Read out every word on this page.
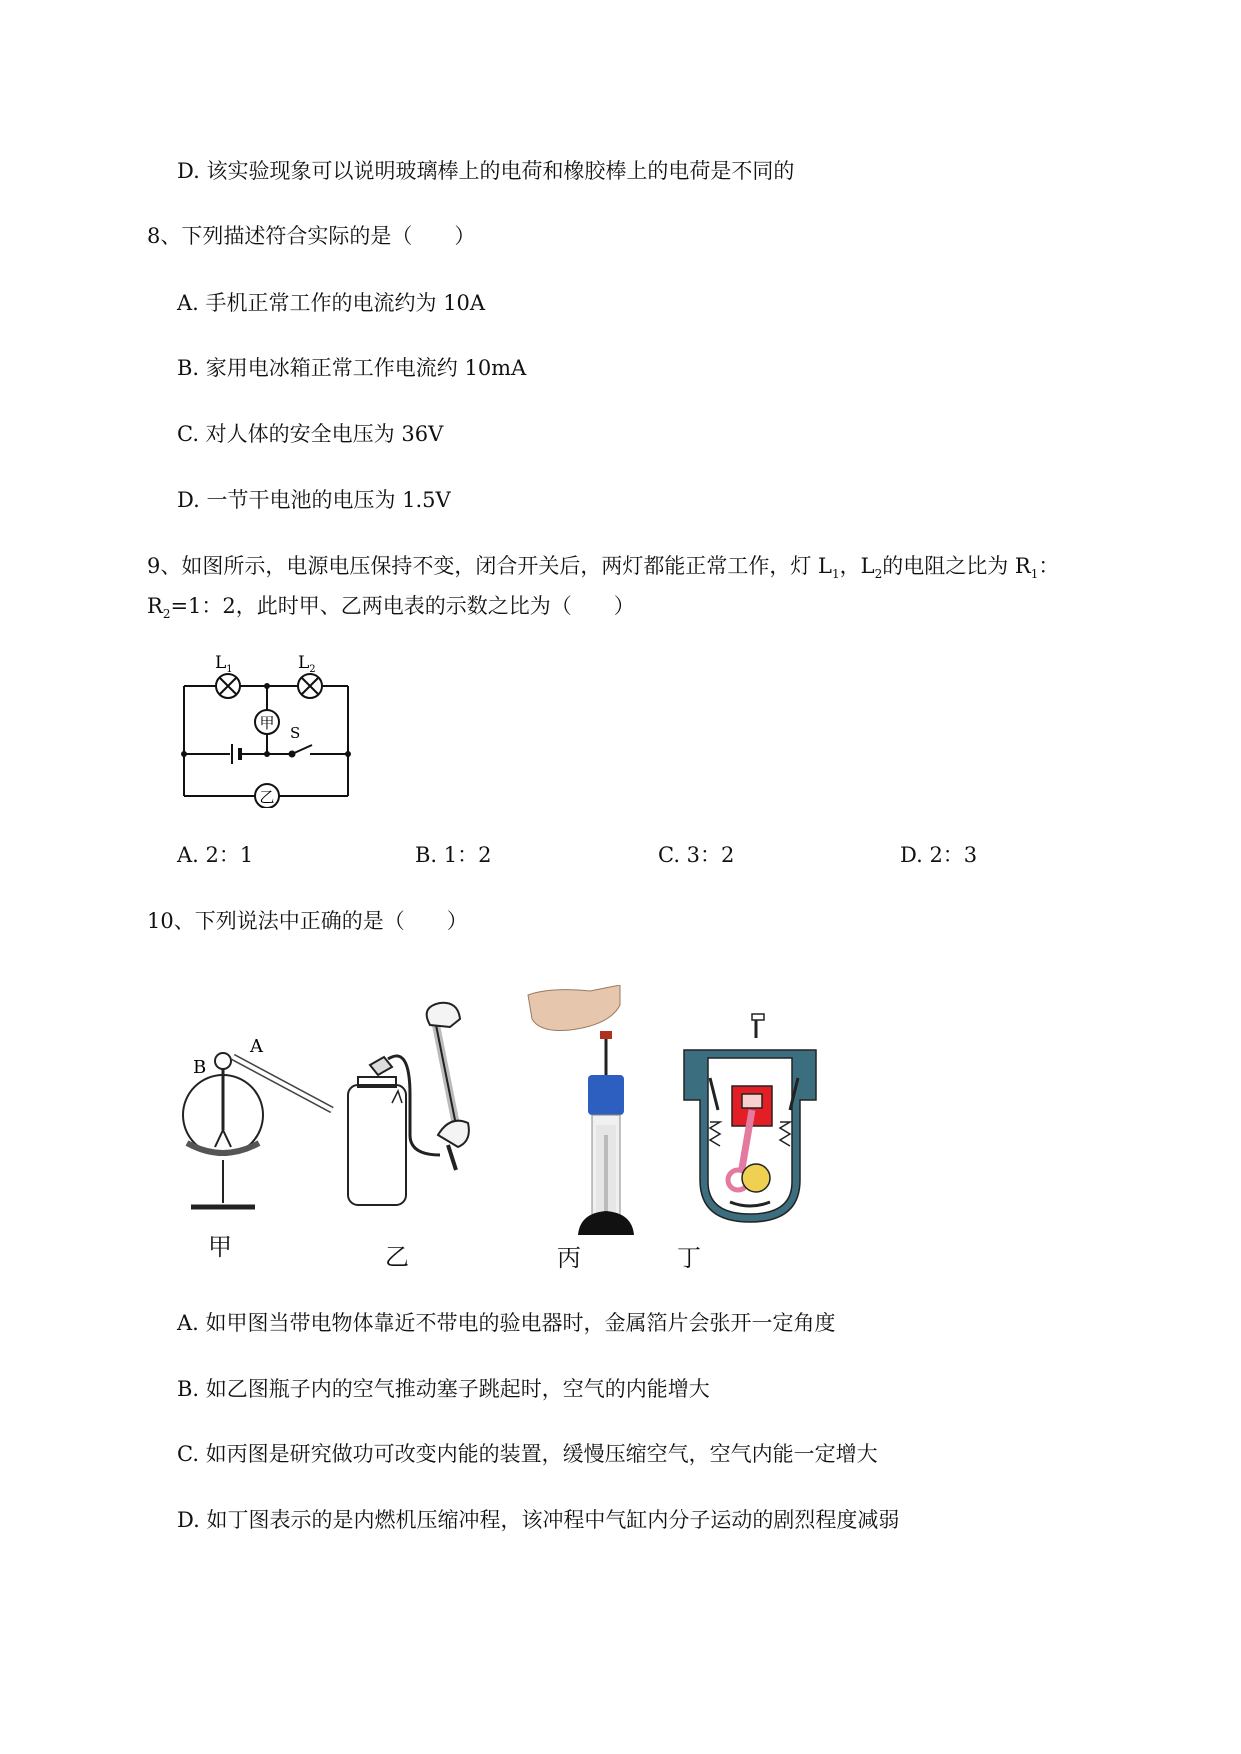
D. 该实验现象可以说明玻璃棒上的电荷和橡胶棒上的电荷是不同的
8、下列描述符合实际的是（　　）
A. 手机正常工作的电流约为 10A
B. 家用电冰箱正常工作电流约 10mA
C. 对人体的安全电压为 36V
D. 一节干电池的电压为 1.5V
9、如图所示，电源电压保持不变，闭合开关后，两灯都能正常工作，灯 $L_1$，$L_2$的电阻之比为 $R_1$：
$R_2=1$：2，此时甲、乙两电表的示数之比为（　　）
甲
乙
$L_1$	$L_2$
S
A. 2：1	B. 1：2	C. 3：2	D. 2：3
10、下列说法中正确的是（　　）
A
B
甲	乙	丙	丁
A. 如甲图当带电物体靠近不带电的验电器时，金属箔片会张开一定角度
B. 如乙图瓶子内的空气推动塞子跳起时，空气的内能增大
C. 如丙图是研究做功可改变内能的装置，缓慢压缩空气，空气内能一定增大
D. 如丁图表示的是内燃机压缩冲程，该冲程中气缸内分子运动的剧烈程度减弱
